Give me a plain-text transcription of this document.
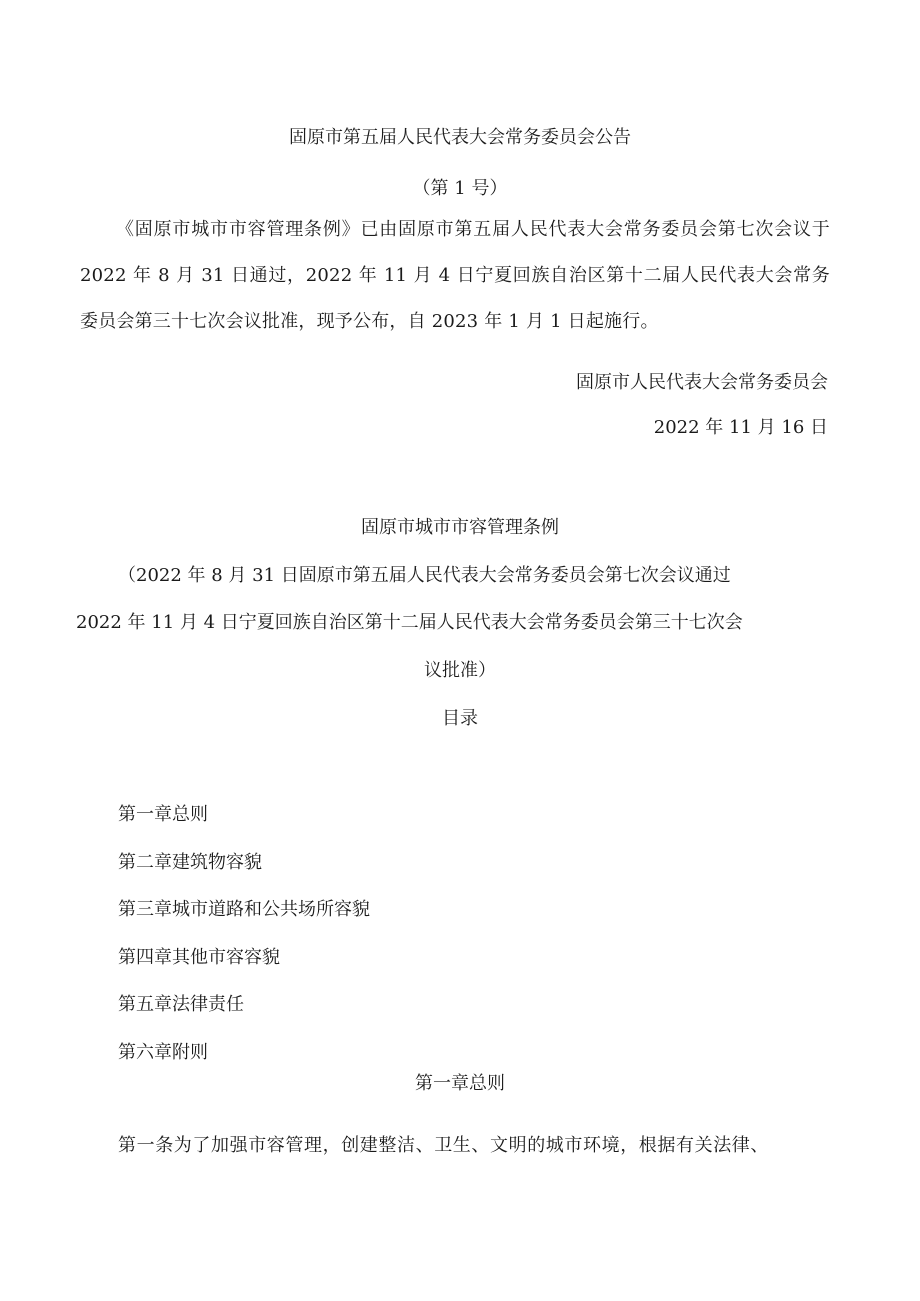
固原市第五届人民代表大会常务委员会公告
（第 1 号）
《固原市城市市容管理条例》已由固原市第五届人民代表大会常务委员会第七次会议于 2022 年 8 月 31 日通过，2022 年 11 月 4 日宁夏回族自治区第十二届人民代表大会常务委员会第三十七次会议批准，现予公布，自 2023 年 1 月 1 日起施行。
固原市人民代表大会常务委员会
2022 年 11 月 16 日
固原市城市市容管理条例
（2022 年 8 月 31 日固原市第五届人民代表大会常务委员会第七次会议通过
2022 年 11 月 4 日宁夏回族自治区第十二届人民代表大会常务委员会第三十七次会
议批准）
目录
第一章总则
第二章建筑物容貌
第三章城市道路和公共场所容貌
第四章其他市容容貌
第五章法律责任
第六章附则
第一章总则
第一条为了加强市容管理，创建整洁、卫生、文明的城市环境，根据有关法律、
